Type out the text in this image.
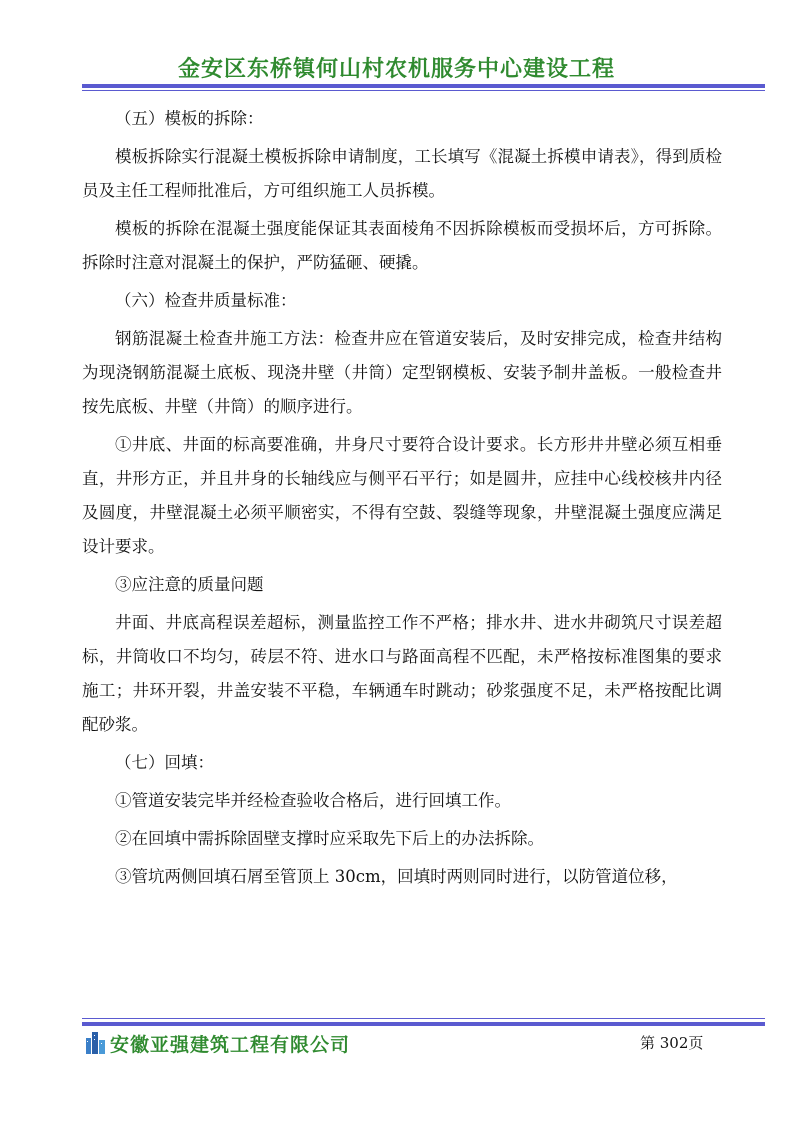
金安区东桥镇何山村农机服务中心建设工程

（五）模板的拆除：

模板拆除实行混凝土模板拆除申请制度，工长填写《混凝土拆模申请表》，得到质检员及主任工程师批准后，方可组织施工人员拆模。

模板的拆除在混凝土强度能保证其表面棱角不因拆除模板而受损坏后，方可拆除。拆除时注意对混凝土的保护，严防猛砸、硬撬。

（六）检查井质量标准：

钢筋混凝土检查井施工方法：检查井应在管道安装后，及时安排完成，检查井结构为现浇钢筋混凝土底板、现浇井壁（井筒）定型钢模板、安装予制井盖板。一般检查井按先底板、井壁（井筒）的顺序进行。

①井底、井面的标高要准确，井身尺寸要符合设计要求。长方形井井壁必须互相垂直，井形方正，并且井身的长轴线应与侧平石平行；如是圆井，应挂中心线校核井内径及圆度，井壁混凝土必须平顺密实，不得有空鼓、裂缝等现象，井壁混凝土强度应满足设计要求。

③应注意的质量问题

井面、井底高程误差超标，测量监控工作不严格；排水井、进水井砌筑尺寸误差超标，井筒收口不均匀，砖层不符、进水口与路面高程不匹配，未严格按标准图集的要求施工；井环开裂，井盖安装不平稳，车辆通车时跳动；砂浆强度不足，未严格按配比调配砂浆。

（七）回填：

①管道安装完毕并经检查验收合格后，进行回填工作。

②在回填中需拆除固壁支撑时应采取先下后上的办法拆除。

③管坑两侧回填石屑至管顶上 30cm，回填时两则同时进行，以防管道位移，

安徽亚强建筑工程有限公司	第 302页
